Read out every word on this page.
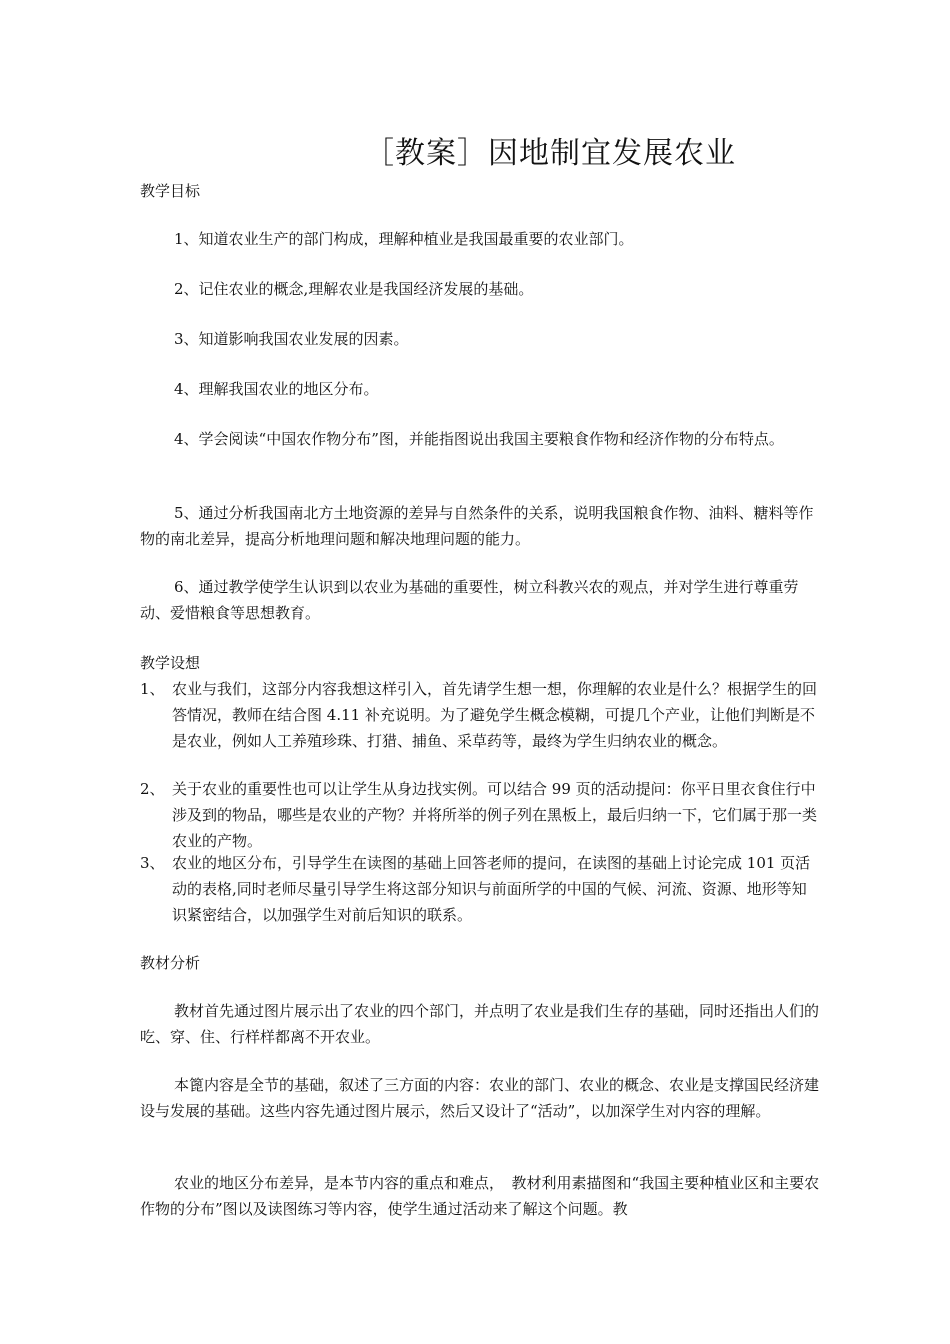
［教案］因地制宜发展农业

教学目标

1、知道农业生产的部门构成，理解种植业是我国最重要的农业部门。

2、记住农业的概念,理解农业是我国经济发展的基础。

3、知道影响我国农业发展的因素。

4、理解我国农业的地区分布。

4、学会阅读“中国农作物分布”图，并能指图说出我国主要粮食作物和经济作物的分布特点。

5、通过分析我国南北方土地资源的差异与自然条件的关系，说明我国粮食作物、油料、糖料等作物的南北差异，提高分析地理问题和解决地理问题的能力。

6、通过教学使学生认识到以农业为基础的重要性，树立科教兴农的观点，并对学生进行尊重劳动、爱惜粮食等思想教育。

教学设想

1、 农业与我们，这部分内容我想这样引入，首先请学生想一想，你理解的农业是什么？根据学生的回答情况，教师在结合图 4.11 补充说明。为了避免学生概念模糊，可提几个产业，让他们判断是不是农业，例如人工养殖珍珠、打猎、捕鱼、采草药等，最终为学生归纳农业的概念。

2、 关于农业的重要性也可以让学生从身边找实例。可以结合 99 页的活动提问：你平日里衣食住行中涉及到的物品，哪些是农业的产物？并将所举的例子列在黑板上，最后归纳一下，它们属于那一类农业的产物。

3、 农业的地区分布，引导学生在读图的基础上回答老师的提问，在读图的基础上讨论完成 101 页活动的表格,同时老师尽量引导学生将这部分知识与前面所学的中国的气候、河流、资源、地形等知识紧密结合，以加强学生对前后知识的联系。

教材分析

教材首先通过图片展示出了农业的四个部门，并点明了农业是我们生存的基础，同时还指出人们的吃、穿、住、行样样都离不开农业。

本篦内容是全节的基础，叙述了三方面的内容：农业的部门、农业的概念、农业是支撑国民经济建设与发展的基础。这些内容先通过图片展示，然后又设计了“活动”，以加深学生对内容的理解。

农业的地区分布差异，是本节内容的重点和难点，　教材利用素描图和“我国主要种植业区和主要农作物的分布”图以及读图练习等内容，使学生通过活动来了解这个问题。教
